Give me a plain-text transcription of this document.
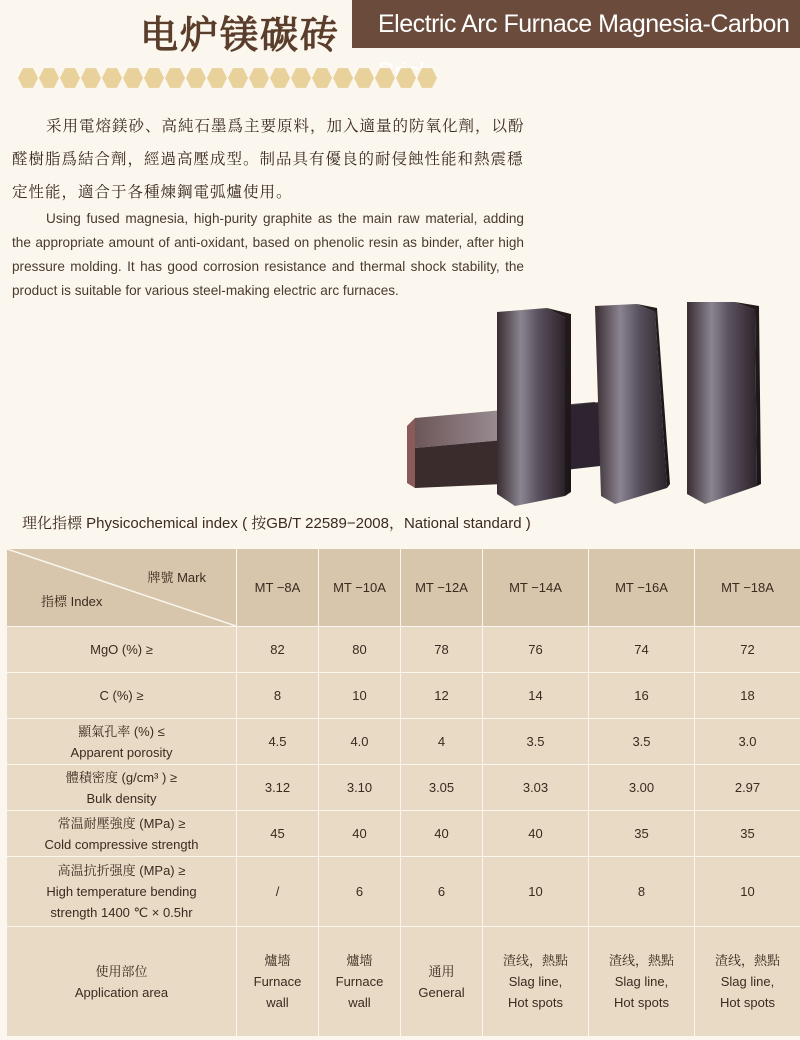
电炉镁碳砖	Electric Arc Furnace Magnesia-Carbon
采用電熔鎂砂、高純石墨爲主要原料，加入適量的防氧化劑，以酚醛樹脂爲結合劑，經過高壓成型。制品具有優良的耐侵蝕性能和熱震穩定性能，適合于各種煉鋼電弧爐使用。
Using fused magnesia, high-purity graphite as the main raw material, adding the appropriate amount of anti-oxidant, based on phenolic resin as binder, after high pressure molding. It has good corrosion resistance and thermal shock stability, the product is suitable for various steel-making electric arc furnaces.
理化指標 Physicochemical index ( 按GB/T 22589−2008，National standard )
牌號 Mark
指標 Index	MT −8A	MT −10A	MT −12A	MT −14A	MT −16A	MT −18A
MgO (%) ≥	82	80	78	76	74	72
C (%) ≥	8	10	12	14	16	18

顯氣孔率 (%) ≤
Apparent porosity	4.5	4.0	4	3.5	3.5	3.0

體積密度 (g/cm³ ) ≥
Bulk density	3.12	3.10	3.05	3.03	3.00	2.97

常温耐壓強度 (MPa) ≥
Cold compressive strength	45	40	40	40	35	35

高温抗折强度 (MPa) ≥
High temperature bending
strength 1400 ℃ × 0.5hr	/	6	6	10	8	10

使用部位
Application area	爐墻
Furnace
wall	爐墻
Furnace
wall	通用
General	渣线，熱點
Slag line,
Hot spots	渣线，熱點
Slag line,
Hot spots	渣线，熱點
Slag line,
Hot spots
